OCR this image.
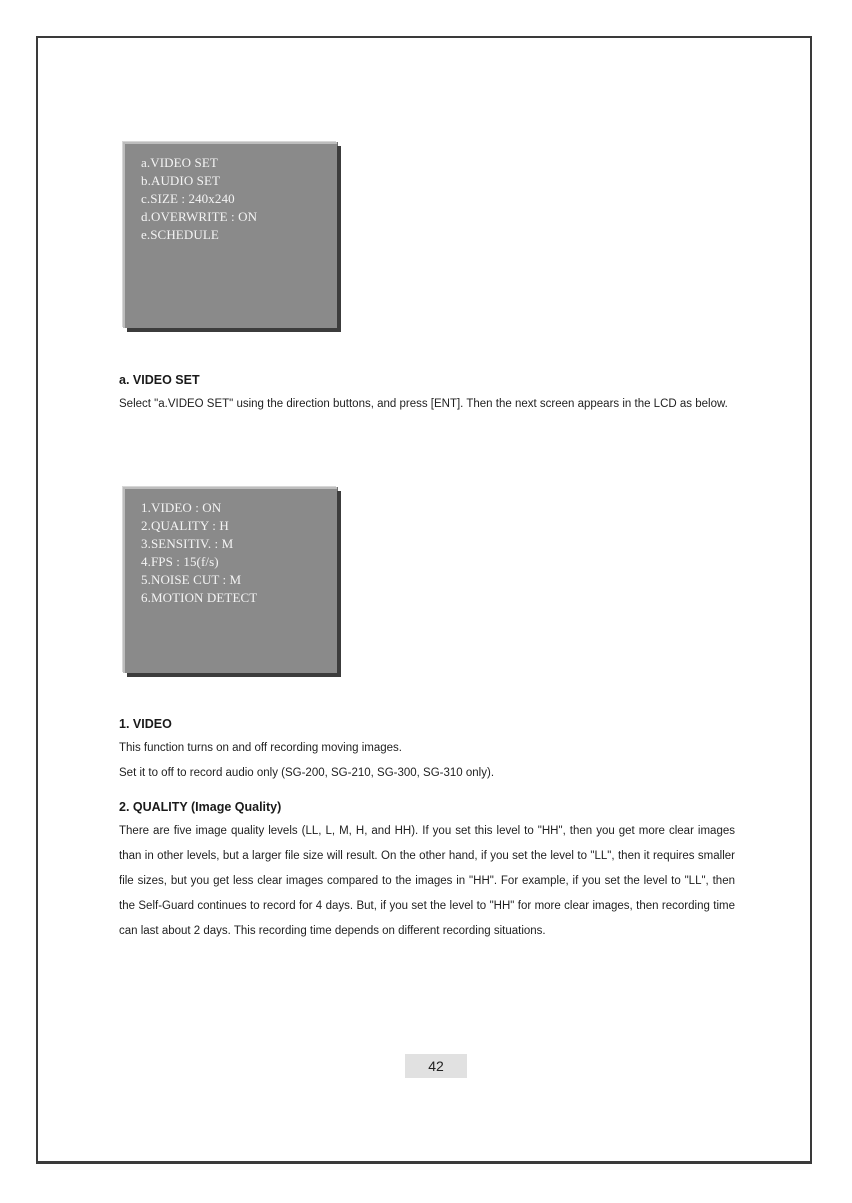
a.VIDEO SET
b.AUDIO SET
c.SIZE : 240x240
d.OVERWRITE : ON
e.SCHEDULE
a. VIDEO SET
Select "a.VIDEO SET" using the direction buttons, and press [ENT]. Then the next screen appears in the LCD as below.
1.VIDEO : ON
2.QUALITY : H
3.SENSITIV. : M
4.FPS : 15(f/s)
5.NOISE CUT : M
6.MOTION DETECT
1. VIDEO
This function turns on and off recording moving images.
Set it to off to record audio only (SG-200, SG-210, SG-300, SG-310 only).
2. QUALITY (Image Quality)
There are five image quality levels (LL, L, M, H, and HH). If you set this level to "HH", then you get more clear images than in other levels, but a larger file size will result. On the other hand, if you set the level to "LL", then it requires smaller file sizes, but you get less clear images compared to the images in "HH". For example, if you set the level to "LL", then the Self-Guard continues to record for 4 days. But, if you set the level to "HH" for more clear images, then recording time can last about 2 days. This recording time depends on different recording situations.
42
